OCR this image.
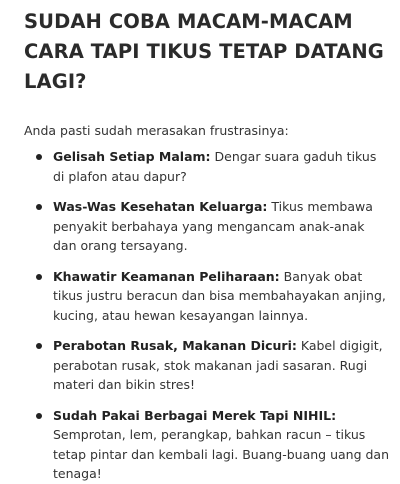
SUDAH COBA MACAM-MACAM CARA TAPI TIKUS TETAP DATANG LAGI?

Anda pasti sudah merasakan frustrasinya:

Gelisah Setiap Malam: Dengar suara gaduh tikus di plafon atau dapur?
Was-Was Kesehatan Keluarga: Tikus membawa penyakit berbahaya yang mengancam anak-anak dan orang tersayang.
Khawatir Keamanan Peliharaan: Banyak obat tikus justru beracun dan bisa membahayakan anjing, kucing, atau hewan kesayangan lainnya.
Perabotan Rusak, Makanan Dicuri: Kabel digigit, perabotan rusak, stok makanan jadi sasaran. Rugi materi dan bikin stres!
Sudah Pakai Berbagai Merek Tapi NIHIL: Semprotan, lem, perangkap, bahkan racun – tikus tetap pintar dan kembali lagi. Buang-buang uang dan tenaga!
